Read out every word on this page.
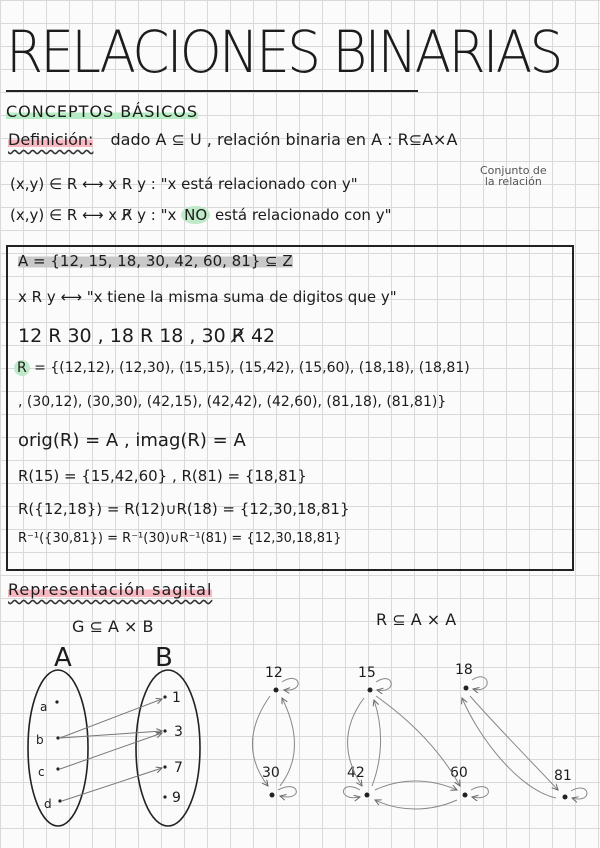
RELACIONES BINARIAS
CONCEPTOS BÁSICOS
Definición: dado A ⊆ U , relación binaria en A : R⊆A×A
Conjunto de
la relación
(x,y) ∈ R ⟷ x R y : "x está relacionado con y"
(x,y) ∈ R ⟷ x R̸ y : "x NO está relacionado con y"
A = {12, 15, 18, 30, 42, 60, 81} ⊆ Z
x R y ⟷ "x tiene la misma suma de digitos que y"
12 R 30 , 18 R 18 , 30 R̸ 42
R = {(12,12), (12,30), (15,15), (15,42), (15,60), (18,18), (18,81)
, (30,12), (30,30), (42,15), (42,42), (42,60), (81,18), (81,81)}
orig(R) = A , imag(R) = A
R(15) = {15,42,60} , R(81) = {18,81}
R({12,18}) = R(12)∪R(18) = {12,30,18,81}
R⁻¹({30,81}) = R⁻¹(30)∪R⁻¹(81) = {12,30,18,81}
Representación sagital
G ⊆ A × B
A	B
a
b
c
d
1
3
7
9
R ⊆ A × A
12	15	18
30	42	60	81
